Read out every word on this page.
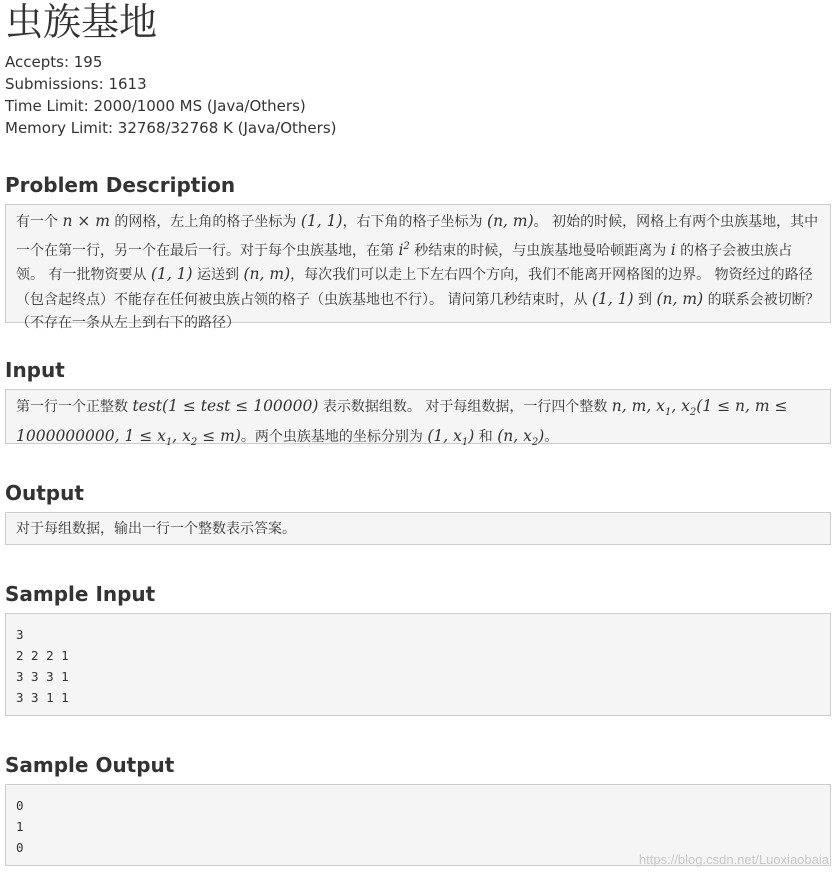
虫族基地
Accepts: 195
Submissions: 1613
Time Limit: 2000/1000 MS (Java/Others)
Memory Limit: 32768/32768 K (Java/Others)
Problem Description
有一个 n × m 的网格，左上角的格子坐标为 (1, 1)，右下角的格子坐标为 (n, m)。 初始的时候，网格上有两个虫族基地，其中一个在第一行，另一个在最后一行。对于每个虫族基地，在第 $i^2$ 秒结束的时候，与虫族基地曼哈顿距离为 i 的格子会被虫族占领。 有一批物资要从 (1, 1) 运送到 (n, m)，每次我们可以走上下左右四个方向，我们不能离开网格图的边界。 物资经过的路径（包含起终点）不能存在任何被虫族占领的格子（虫族基地也不行）。 请问第几秒结束时，从 (1, 1) 到 (n, m) 的联系会被切断？（不存在一条从左上到右下的路径）
Input
第一行一个正整数 test(1 ≤ test ≤ 100000) 表示数据组数。 对于每组数据，一行四个整数 n, m, $x_1$, $x_2(1 \le n$, m ≤ 1000000000, $1 \le x_1$, $x_2 \le m$)。两个虫族基地的坐标分别为 (1, $x_1$) 和 (n, $x_2$)。
Output
对于每组数据，输出一行一个整数表示答案。
Sample Input
3
2 2 2 1
3 3 3 1
3 3 1 1
Sample Output
0
1
0
https://blog.csdn.net/Luoxiaobaia
